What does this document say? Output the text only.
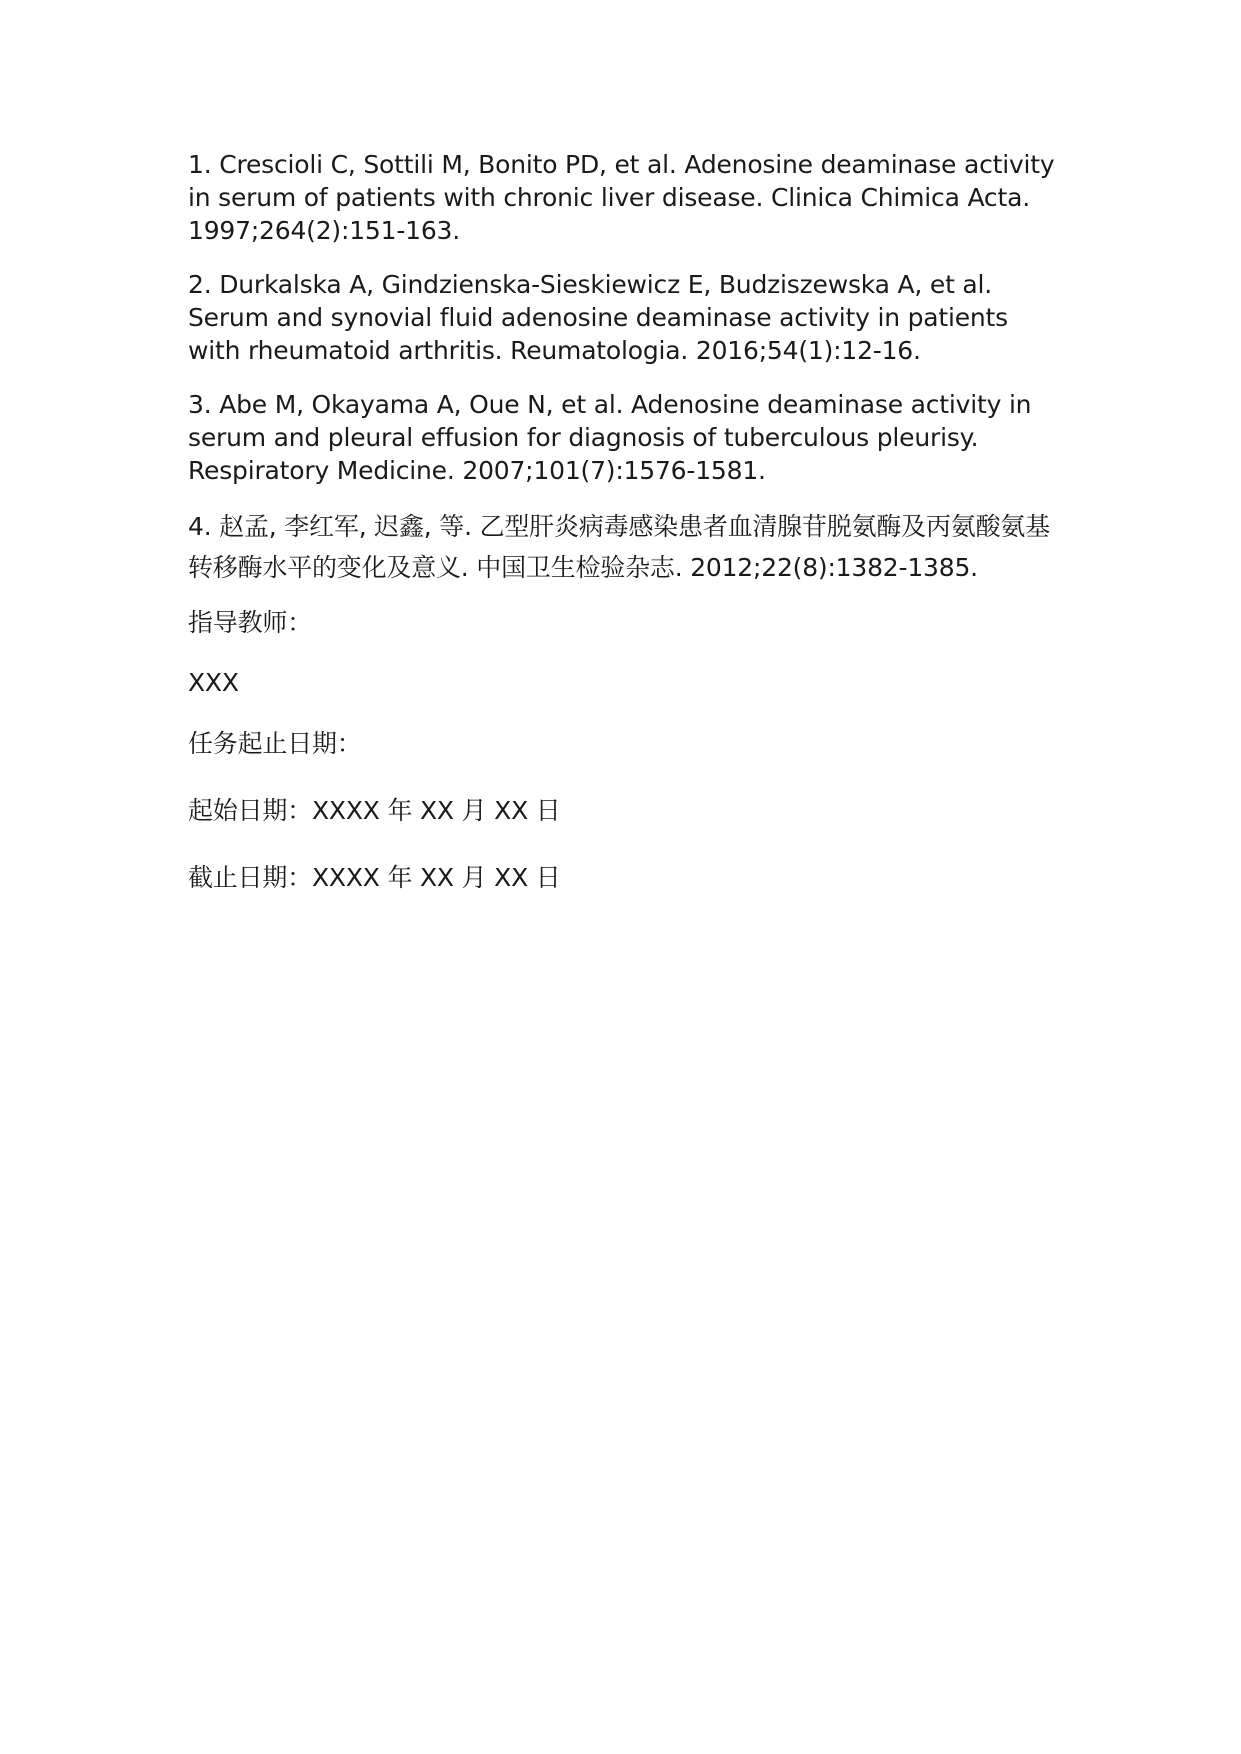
1. Crescioli C, Sottili M, Bonito PD, et al. Adenosine deaminase activity in serum of patients with chronic liver disease. Clinica Chimica Acta. 1997;264(2):151-163.

2. Durkalska A, Gindzienska-Sieskiewicz E, Budziszewska A, et al. Serum and synovial fluid adenosine deaminase activity in patients with rheumatoid arthritis. Reumatologia. 2016;54(1):12-16.

3. Abe M, Okayama A, Oue N, et al. Adenosine deaminase activity in serum and pleural effusion for diagnosis of tuberculous pleurisy. Respiratory Medicine. 2007;101(7):1576-1581.

4. 赵孟, 李红军, 迟鑫, 等. 乙型肝炎病毒感染患者血清腺苷脱氨酶及丙氨酸氨基转移酶水平的变化及意义. 中国卫生检验杂志. 2012;22(8):1382-1385.

指导教师：

XXX

任务起止日期：

起始日期：XXXX 年 XX 月 XX 日

截止日期：XXXX 年 XX 月 XX 日
